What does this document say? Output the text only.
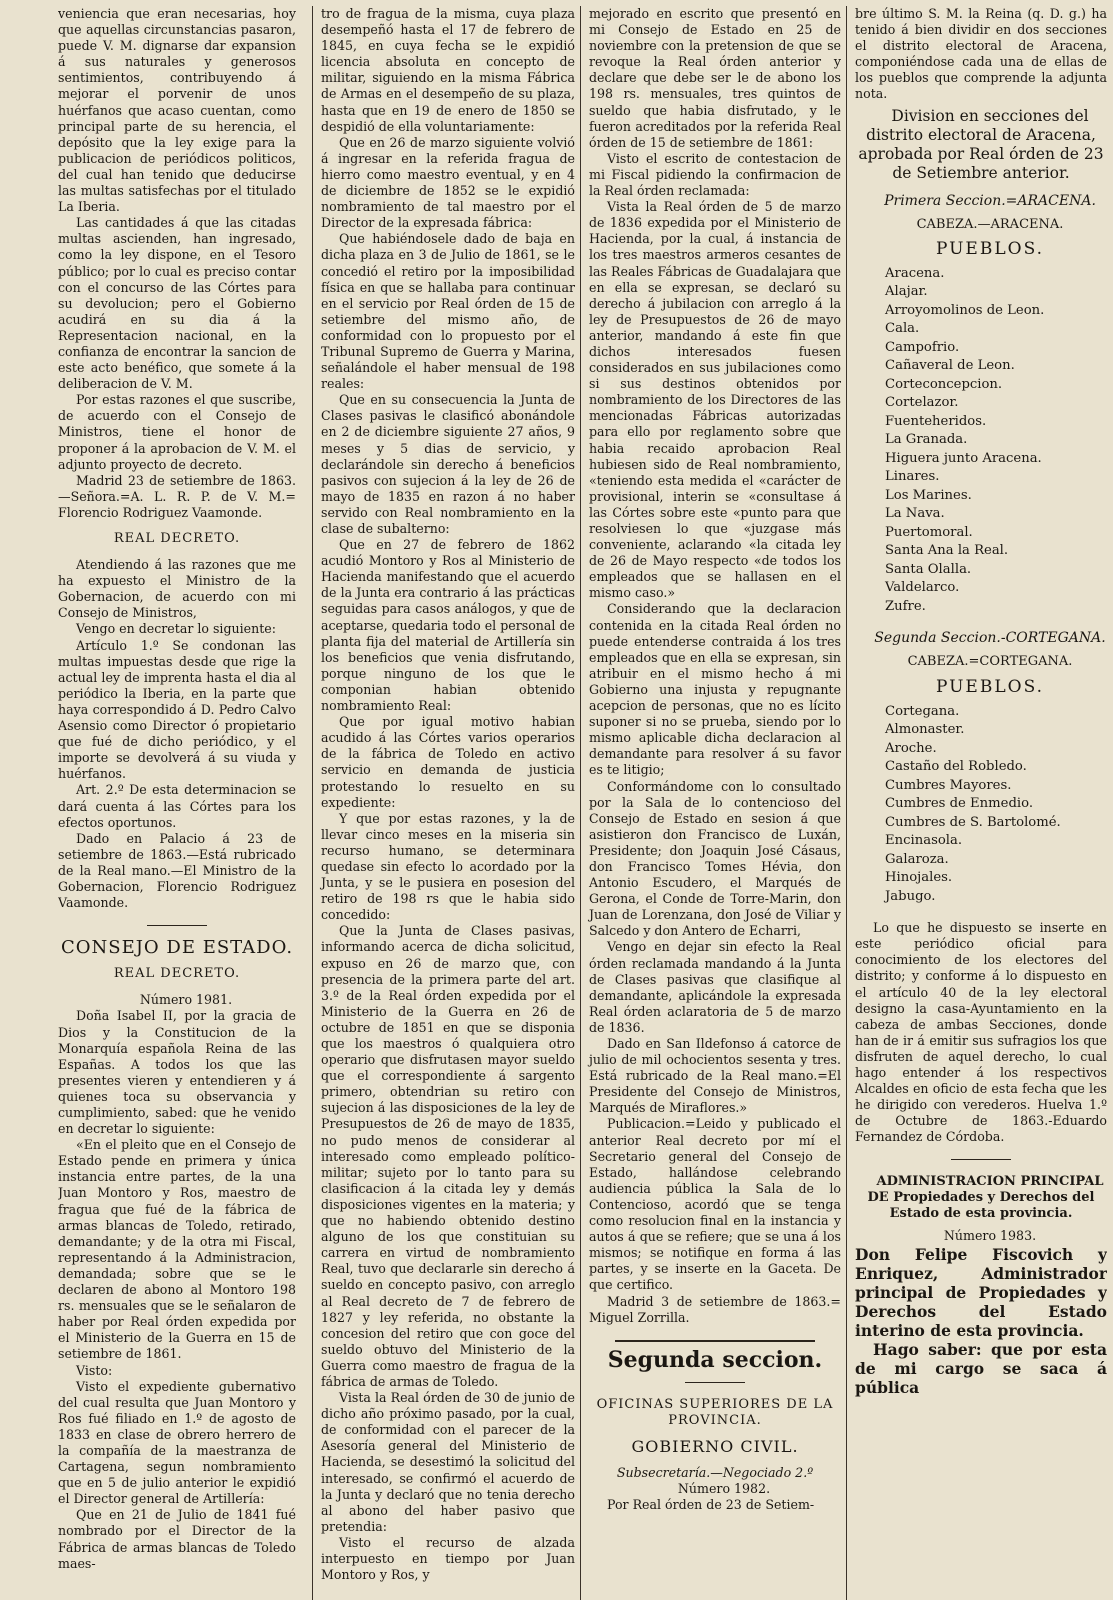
veniencia que eran necesarias, hoy que aquellas circunstancias pasaron, puede V. M. dignarse dar expansion á sus naturales y generosos sentimientos, contribuyendo á mejorar el porvenir de unos huérfanos que acaso cuentan, como principal parte de su herencia, el depósito que la ley exige para la publicacion de periódicos politicos, del cual han tenido que deducirse las multas satisfechas por el titulado La Iberia.

Las cantidades á que las citadas multas ascienden, han ingresado, como la ley dispone, en el Tesoro público; por lo cual es preciso contar con el concurso de las Córtes para su devolucion; pero el Gobierno acudirá en su dia á la Representacion nacional, en la confianza de encontrar la sancion de este acto benéfico, que somete á la deliberacion de V. M.

Por estas razones el que suscribe, de acuerdo con el Consejo de Ministros, tiene el honor de proponer á la aprobacion de V. M. el adjunto proyecto de decreto.

Madrid 23 de setiembre de 1863. —Señora.=A. L. R. P. de V. M.= Florencio Rodriguez Vaamonde.

REAL DECRETO.

Atendiendo á las razones que me ha expuesto el Ministro de la Gobernacion, de acuerdo con mi Consejo de Ministros,

Vengo en decretar lo siguiente:

Artículo 1.º Se condonan las multas impuestas desde que rige la actual ley de imprenta hasta el dia al periódico la Iberia, en la parte que haya correspondido á D. Pedro Calvo Asensio como Director ó propietario que fué de dicho periódico, y el importe se devolverá á su viuda y huérfanos.

Art. 2.º De esta determinacion se dará cuenta á las Córtes para los efectos oportunos.

Dado en Palacio á 23 de setiembre de 1863.—Está rubricado de la Real mano.—El Ministro de la Gobernacion, Florencio Rodriguez Vaamonde.

CONSEJO DE ESTADO.

REAL DECRETO.

Número 1981.

Doña Isabel II, por la gracia de Dios y la Constitucion de la Monarquía española Reina de las Españas. A todos los que las presentes vieren y entendieren y á quienes toca su observancia y cumplimiento, sabed: que he venido en decretar lo siguiente:

«En el pleito que en el Consejo de Estado pende en primera y única instancia entre partes, de la una Juan Montoro y Ros, maestro de fragua que fué de la fábrica de armas blancas de Toledo, retirado, demandante; y de la otra mi Fiscal, representando á la Administracion, demandada; sobre que se le declaren de abono al Montoro 198 rs. mensuales que se le señalaron de haber por Real órden expedida por el Ministerio de la Guerra en 15 de setiembre de 1861.

Visto:

Visto el expediente gubernativo del cual resulta que Juan Montoro y Ros fué filiado en 1.º de agosto de 1833 en clase de obrero herrero de la compañía de la maestranza de Cartagena, segun nombramiento que en 5 de julio anterior le expidió el Director general de Artillería:

Que en 21 de Julio de 1841 fué nombrado por el Director de la Fábrica de armas blancas de Toledo maes-

tro de fragua de la misma, cuya plaza desempeñó hasta el 17 de febrero de 1845, en cuya fecha se le expidió licencia absoluta en concepto de militar, siguiendo en la misma Fábrica de Armas en el desempeño de su plaza, hasta que en 19 de enero de 1850 se despidió de ella voluntariamente:

Que en 26 de marzo siguiente volvió á ingresar en la referida fragua de hierro como maestro eventual, y en 4 de diciembre de 1852 se le expidió nombramiento de tal maestro por el Director de la expresada fábrica:

Que habiéndosele dado de baja en dicha plaza en 3 de Julio de 1861, se le concedió el retiro por la imposibilidad física en que se hallaba para continuar en el servicio por Real órden de 15 de setiembre del mismo año, de conformidad con lo propuesto por el Tribunal Supremo de Guerra y Marina, señalándole el haber mensual de 198 reales:

Que en su consecuencia la Junta de Clases pasivas le clasificó abonándole en 2 de diciembre siguiente 27 años, 9 meses y 5 dias de servicio, y declarándole sin derecho á beneficios pasivos con sujecion á la ley de 26 de mayo de 1835 en razon á no haber servido con Real nombramiento en la clase de subalterno:

Que en 27 de febrero de 1862 acudió Montoro y Ros al Ministerio de Hacienda manifestando que el acuerdo de la Junta era contrario á las prácticas seguidas para casos análogos, y que de aceptarse, quedaria todo el personal de planta fija del material de Artillería sin los beneficios que venia disfrutando, porque ninguno de los que le componian habian obtenido nombramiento Real:

Que por igual motivo habian acudido á las Córtes varios operarios de la fábrica de Toledo en activo servicio en demanda de justicia protestando lo resuelto en su expediente:

Y que por estas razones, y la de llevar cinco meses en la miseria sin recurso humano, se determinara quedase sin efecto lo acordado por la Junta, y se le pusiera en posesion del retiro de 198 rs que le habia sido concedido:

Que la Junta de Clases pasivas, informando acerca de dicha solicitud, expuso en 26 de marzo que, con presencia de la primera parte del art. 3.º de la Real órden expedida por el Ministerio de la Guerra en 26 de octubre de 1851 en que se disponia que los maestros ó qualquiera otro operario que disfrutasen mayor sueldo que el correspondiente á sargento primero, obtendrian su retiro con sujecion á las disposiciones de la ley de Presupuestos de 26 de mayo de 1835, no pudo menos de considerar al interesado como empleado político-militar; sujeto por lo tanto para su clasificacion á la citada ley y demás disposiciones vigentes en la materia; y que no habiendo obtenido destino alguno de los que constituian su carrera en virtud de nombramiento Real, tuvo que declararle sin derecho á sueldo en concepto pasivo, con arreglo al Real decreto de 7 de febrero de 1827 y ley referida, no obstante la concesion del retiro que con goce del sueldo obtuvo del Ministerio de la Guerra como maestro de fragua de la fábrica de armas de Toledo.

Vista la Real órden de 30 de junio de dicho año próximo pasado, por la cual, de conformidad con el parecer de la Asesoría general del Ministerio de Hacienda, se desestimó la solicitud del interesado, se confirmó el acuerdo de la Junta y declaró que no tenia derecho al abono del haber pasivo que pretendia:

Visto el recurso de alzada interpuesto en tiempo por Juan Montoro y Ros, y

mejorado en escrito que presentó en mi Consejo de Estado en 25 de noviembre con la pretension de que se revoque la Real órden anterior y declare que debe ser le de abono los 198 rs. mensuales, tres quintos de sueldo que habia disfrutado, y le fueron acreditados por la referida Real órden de 15 de setiembre de 1861:

Visto el escrito de contestacion de mi Fiscal pidiendo la confirmacion de la Real órden reclamada:

Vista la Real órden de 5 de marzo de 1836 expedida por el Ministerio de Hacienda, por la cual, á instancia de los tres maestros armeros cesantes de las Reales Fábricas de Guadalajara que en ella se expresan, se declaró su derecho á jubilacion con arreglo á la ley de Presupuestos de 26 de mayo anterior, mandando á este fin que dichos interesados fuesen considerados en sus jubilaciones como si sus destinos obtenidos por nombramiento de los Directores de las mencionadas Fábricas autorizadas para ello por reglamento sobre que habia recaido aprobacion Real hubiesen sido de Real nombramiento, «teniendo esta medida el «carácter de provisional, interin se «consultase á las Córtes sobre este «punto para que resolviesen lo que «juzgase más conveniente, aclarando «la citada ley de 26 de Mayo respecto «de todos los empleados que se hallasen en el mismo caso.»

Considerando que la declaracion contenida en la citada Real órden no puede entenderse contraida á los tres empleados que en ella se expresan, sin atribuir en el mismo hecho á mi Gobierno una injusta y repugnante acepcion de personas, que no es lícito suponer si no se prueba, siendo por lo mismo aplicable dicha declaracion al demandante para resolver á su favor es te litigio;

Conformándome con lo consultado por la Sala de lo contencioso del Consejo de Estado en sesion á que asistieron don Francisco de Luxán, Presidente; don Joaquin José Cásaus, don Francisco Tomes Hévia, don Antonio Escudero, el Marqués de Gerona, el Conde de Torre-Marin, don Juan de Lorenzana, don José de Viliar y Salcedo y don Antero de Echarri,

Vengo en dejar sin efecto la Real órden reclamada mandando á la Junta de Clases pasivas que clasifique al demandante, aplicándole la expresada Real órden aclaratoria de 5 de marzo de 1836.

Dado en San Ildefonso á catorce de julio de mil ochocientos sesenta y tres. Está rubricado de la Real mano.=El Presidente del Consejo de Ministros, Marqués de Miraflores.»

Publicacion.=Leido y publicado el anterior Real decreto por mí el Secretario general del Consejo de Estado, hallándose celebrando audiencia pública la Sala de lo Contencioso, acordó que se tenga como resolucion final en la instancia y autos á que se refiere; que se una á los mismos; se notifique en forma á las partes, y se inserte en la Gaceta. De que certifico.

Madrid 3 de setiembre de 1863.= Miguel Zorrilla.

Segunda seccion.

OFICINAS SUPERIORES DE LA PROVINCIA.

GOBIERNO CIVIL.

Subsecretaría.—Negociado 2.º

Número 1982.

Por Real órden de 23 de Setiem-

bre último S. M. la Reina (q. D. g.) ha tenido á bien dividir en dos secciones el distrito electoral de Aracena, componiéndose cada una de ellas de los pueblos que comprende la adjunta nota.

Division en secciones del distrito electoral de Aracena, aprobada por Real órden de 23 de Setiembre anterior.

Primera Seccion.=ARACENA.

CABEZA.—ARACENA.

PUEBLOS.

Aracena.
Alajar.
Arroyomolinos de Leon.
Cala.
Campofrio.
Cañaveral de Leon.
Corteconcepcion.
Cortelazor.
Fuenteheridos.
La Granada.
Higuera junto Aracena.
Linares.
Los Marines.
La Nava.
Puertomoral.
Santa Ana la Real.
Santa Olalla.
Valdelarco.
Zufre.

Segunda Seccion.-CORTEGANA.

CABEZA.=CORTEGANA.

PUEBLOS.

Cortegana.
Almonaster.
Aroche.
Castaño del Robledo.
Cumbres Mayores.
Cumbres de Enmedio.
Cumbres de S. Bartolomé.
Encinasola.
Galaroza.
Hinojales.
Jabugo.

Lo que he dispuesto se inserte en este periódico oficial para conocimiento de los electores del distrito; y conforme á lo dispuesto en el artículo 40 de la ley electoral designo la casa-Ayuntamiento en la cabeza de ambas Secciones, donde han de ir á emitir sus sufragios los que disfruten de aquel derecho, lo cual hago entender á los respectivos Alcaldes en oficio de esta fecha que les he dirigido con verederos. Huelva 1.º de Octubre de 1863.-Eduardo Fernandez de Córdoba.

ADMINISTRACION PRINCIPAL DE Propiedades y Derechos del Estado de esta provincia.

Número 1983.

Don Felipe Fiscovich y Enriquez, Administrador principal de Propiedades y Derechos del Estado interino de esta provincia.

Hago saber: que por esta de mi cargo se saca á pública
